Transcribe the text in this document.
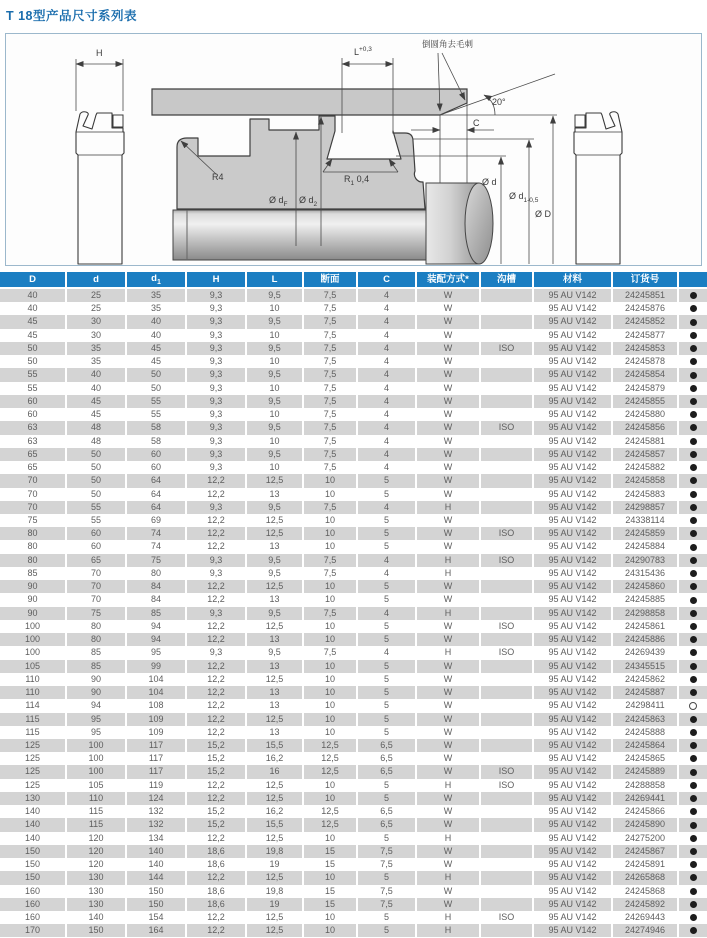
T 18型产品尺寸系列表
H	$L^{+0,3}$
倒圆角去毛刺
20°
C
R4	$R_1$ 0,4
Ø $d_F$ Ø $d_2$
Ø d
Ø $d_{1-0,5}$
Ø D
D	d	$d_1$	H	L	断面	C	装配方式*	沟槽	材料	订货号	
40	25	35	9,3	9,5	7,5	4	W		95 AU V142	24245851	
40	25	35	9,3	10	7,5	4	W		95 AU V142	24245876	
45	30	40	9,3	9,5	7,5	4	W		95 AU V142	24245852	
45	30	40	9,3	10	7,5	4	W		95 AU V142	24245877	
50	35	45	9,3	9,5	7,5	4	W	ISO	95 AU V142	24245853	
50	35	45	9,3	10	7,5	4	W		95 AU V142	24245878	
55	40	50	9,3	9,5	7,5	4	W		95 AU V142	24245854	
55	40	50	9,3	10	7,5	4	W		95 AU V142	24245879	
60	45	55	9,3	9,5	7,5	4	W		95 AU V142	24245855	
60	45	55	9,3	10	7,5	4	W		95 AU V142	24245880	
63	48	58	9,3	9,5	7,5	4	W	ISO	95 AU V142	24245856	
63	48	58	9,3	10	7,5	4	W		95 AU V142	24245881	
65	50	60	9,3	9,5	7,5	4	W		95 AU V142	24245857	
65	50	60	9,3	10	7,5	4	W		95 AU V142	24245882	
70	50	64	12,2	12,5	10	5	W		95 AU V142	24245858	
70	50	64	12,2	13	10	5	W		95 AU V142	24245883	
70	55	64	9,3	9,5	7,5	4	H		95 AU V142	24298857	
75	55	69	12,2	12,5	10	5	W		95 AU V142	24338114	
80	60	74	12,2	12,5	10	5	W	ISO	95 AU V142	24245859	
80	60	74	12,2	13	10	5	W		95 AU V142	24245884	
80	65	75	9,3	9,5	7,5	4	H	ISO	95 AU V142	24290783	
85	70	80	9,3	9,5	7,5	4	H		95 AU V142	24315436	
90	70	84	12,2	12,5	10	5	W		95 AU V142	24245860	
90	70	84	12,2	13	10	5	W		95 AU V142	24245885	
90	75	85	9,3	9,5	7,5	4	H		95 AU V142	24298858	
100	80	94	12,2	12,5	10	5	W	ISO	95 AU V142	24245861	
100	80	94	12,2	13	10	5	W		95 AU V142	24245886	
100	85	95	9,3	9,5	7,5	4	H	ISO	95 AU V142	24269439	
105	85	99	12,2	13	10	5	W		95 AU V142	24345515	
110	90	104	12,2	12,5	10	5	W		95 AU V142	24245862	
110	90	104	12,2	13	10	5	W		95 AU V142	24245887	
114	94	108	12,2	13	10	5	W		95 AU V142	24298411	
115	95	109	12,2	12,5	10	5	W		95 AU V142	24245863	
115	95	109	12,2	13	10	5	W		95 AU V142	24245888	
125	100	117	15,2	15,5	12,5	6,5	W		95 AU V142	24245864	
125	100	117	15,2	16,2	12,5	6,5	W		95 AU V142	24245865	
125	100	117	15,2	16	12,5	6,5	W	ISO	95 AU V142	24245889	
125	105	119	12,2	12,5	10	5	H	ISO	95 AU V142	24288858	
130	110	124	12,2	12,5	10	5	W		95 AU V142	24269441	
140	115	132	15,2	16,2	12,5	6,5	W		95 AU V142	24245866	
140	115	132	15,2	15,5	12,5	6,5	W		95 AU V142	24245890	
140	120	134	12,2	12,5	10	5	H		95 AU V142	24275200	
150	120	140	18,6	19,8	15	7,5	W		95 AU V142	24245867	
150	120	140	18,6	19	15	7,5	W		95 AU V142	24245891	
150	130	144	12,2	12,5	10	5	H		95 AU V142	24265868	
160	130	150	18,6	19,8	15	7,5	W		95 AU V142	24245868	
160	130	150	18,6	19	15	7,5	W		95 AU V142	24245892	
160	140	154	12,2	12,5	10	5	H	ISO	95 AU V142	24269443	
170	150	164	12,2	12,5	10	5	H		95 AU V142	24274946	
